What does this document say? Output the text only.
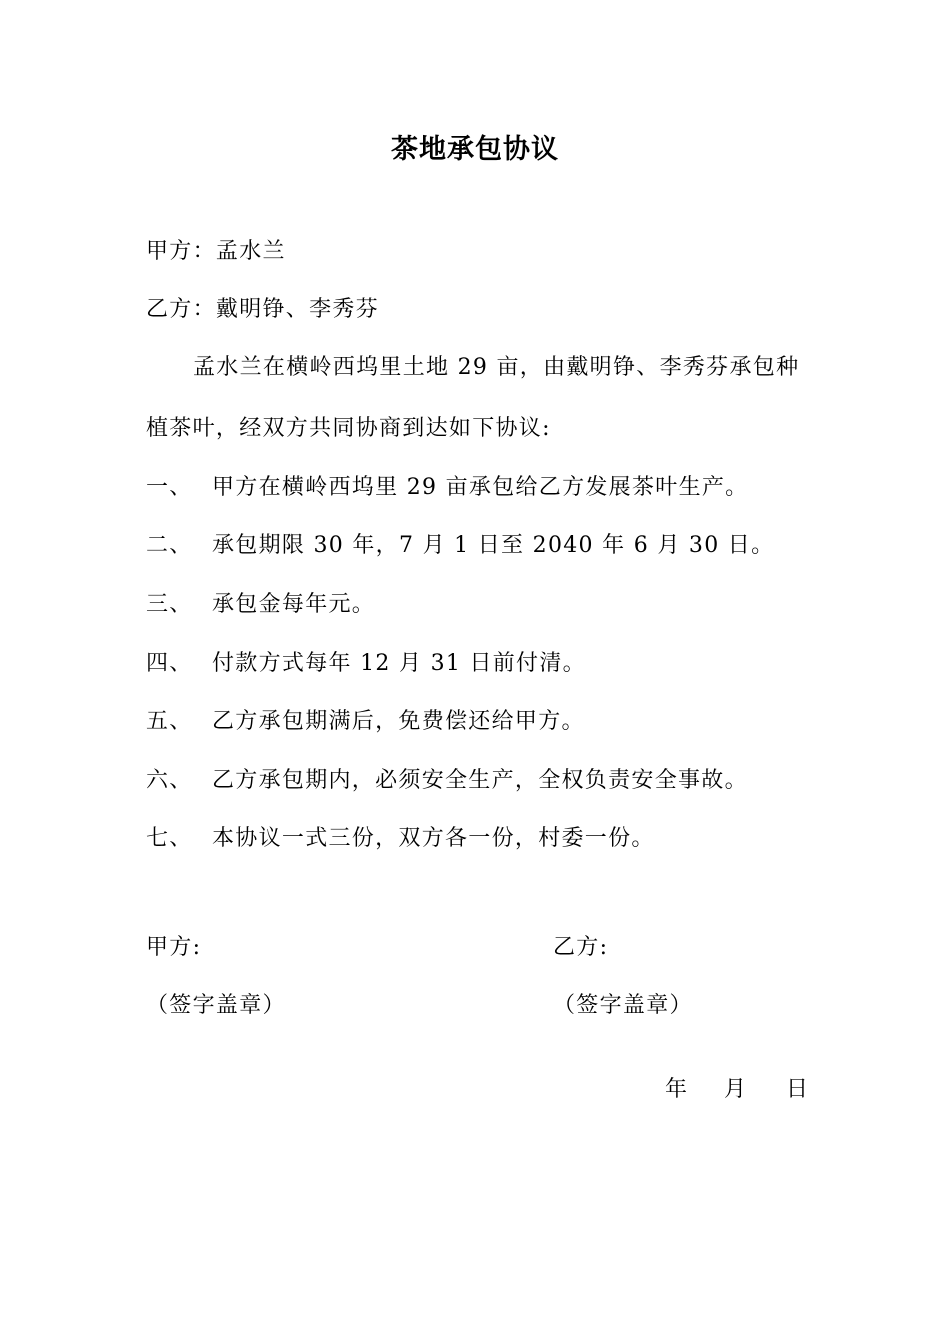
茶地承包协议
甲方：孟水兰
乙方：戴明铮、李秀芬
孟水兰在横岭西坞里土地 29 亩，由戴明铮、李秀芬承包种
植茶叶，经双方共同协商到达如下协议:
一、 甲方在横岭西坞里 29 亩承包给乙方发展茶叶生产。
二、 承包期限 30 年，7 月 1 日至 2040 年 6 月 30 日。
三、 承包金每年元。
四、 付款方式每年 12 月 31 日前付清。
五、 乙方承包期满后，免费偿还给甲方。
六、 乙方承包期内，必须安全生产，全权负责安全事故。
七、 本协议一式三份，双方各一份，村委一份。
甲方:	乙方:
（签字盖章）	（签字盖章）
年 月 日
